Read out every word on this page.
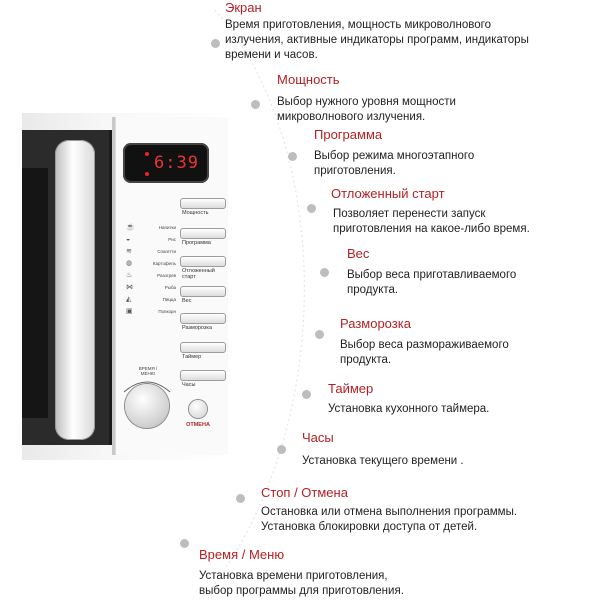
6:39
☕	Напитки
◒	Рис
≋	Спагетти
◍	Картофель
♨	Разогрев
⋈	Рыба
◭	Пицца
▣	Попкорн
Мощность
Программа
Отложенный старт
Вес
Разморозка
Таймер
Часы
ВРЕМЯ / МЕНЮ
ОТМЕНА
Экран
Время приготовления, мощность микроволнового
излучения, активные индикаторы программ, индикаторы
времени и часов.
Мощность
Выбор нужного уровня мощности
микроволнового излучения.
Программа
Выбор режима многоэтапного
приготовления.
Отложенный старт
Позволяет перенести запуск
приготовления на какое-либо время.
Вес
Выбор веса приготавливаемого
продукта.
Разморозка
Выбор веса размораживаемого
продукта.
Таймер
Установка кухонного таймера.
Часы
Установка текущего времени .
Стоп / Отмена
Остановка или отмена выполнения программы.
Установка блокировки доступа от детей.
Время / Меню
Установка времени приготовления,
выбор программы для приготовления.
